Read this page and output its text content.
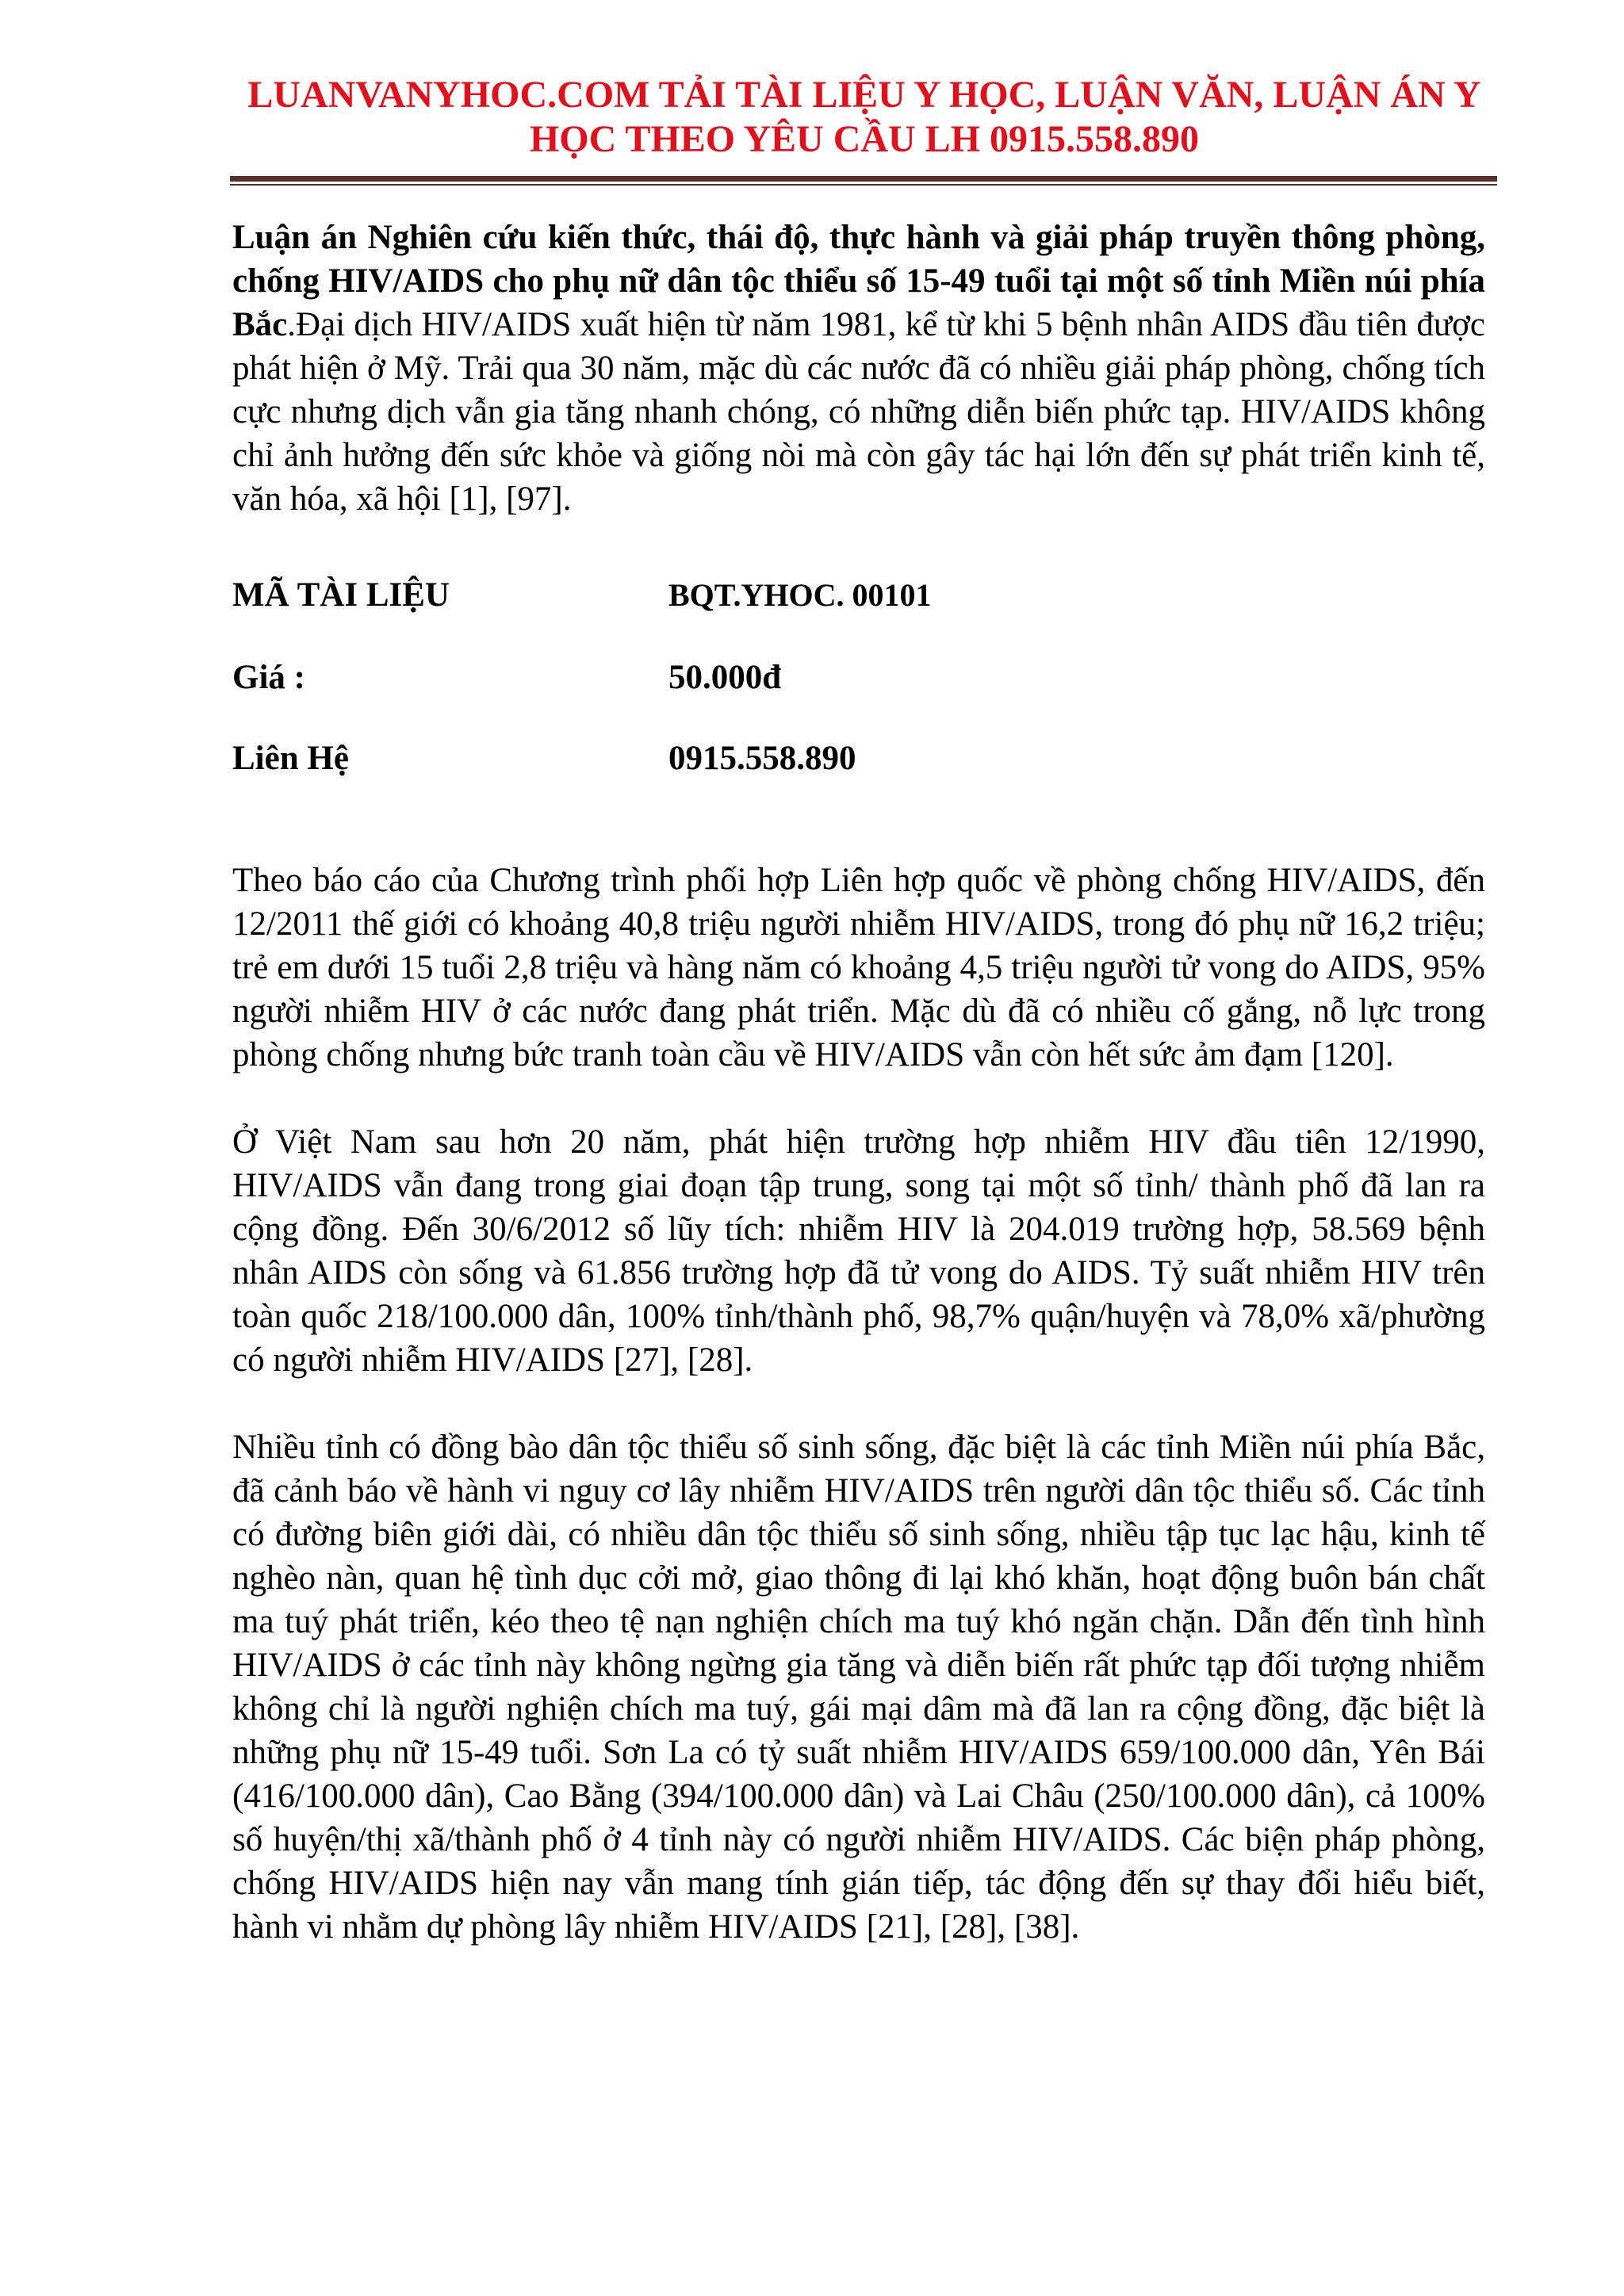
LUANVANYHOC.COM TẢI TÀI LIỆU Y HỌC, LUẬN VĂN, LUẬN ÁN Y
HỌC THEO YÊU CẦU LH 0915.558.890

Luận án Nghiên cứu kiến thức, thái độ, thực hành và giải pháp truyền thông phòng, chống HIV/AIDS cho phụ nữ dân tộc thiểu số 15-49 tuổi tại một số tỉnh Miền núi phía Bắc.Đại dịch HIV/AIDS xuất hiện từ năm 1981, kể từ khi 5 bệnh nhân AIDS đầu tiên được phát hiện ở Mỹ. Trải qua 30 năm, mặc dù các nước đã có nhiều giải pháp phòng, chống tích cực nhưng dịch vẫn gia tăng nhanh chóng, có những diễn biến phức tạp. HIV/AIDS không chỉ ảnh hưởng đến sức khỏe và giống nòi mà còn gây tác hại lớn đến sự phát triển kinh tế, văn hóa, xã hội [1], [97].

MÃ TÀI LIỆU	BQT.YHOC. 00101
Giá :	50.000đ
Liên Hệ	0915.558.890

Theo báo cáo của Chương trình phối hợp Liên hợp quốc về phòng chống HIV/AIDS, đến 12/2011 thế giới có khoảng 40,8 triệu người nhiễm HIV/AIDS, trong đó phụ nữ 16,2 triệu; trẻ em dưới 15 tuổi 2,8 triệu và hàng năm có khoảng 4,5 triệu người tử vong do AIDS, 95% người nhiễm HIV ở các nước đang phát triển. Mặc dù đã có nhiều cố gắng, nỗ lực trong phòng chống nhưng bức tranh toàn cầu về HIV/AIDS vẫn còn hết sức ảm đạm [120].

Ở Việt Nam sau hơn 20 năm, phát hiện trường hợp nhiễm HIV đầu tiên 12/1990, HIV/AIDS vẫn đang trong giai đoạn tập trung, song tại một số tỉnh/ thành phố đã lan ra cộng đồng. Đến 30/6/2012 số lũy tích: nhiễm HIV là 204.019 trường hợp, 58.569 bệnh nhân AIDS còn sống và 61.856 trường hợp đã tử vong do AIDS. Tỷ suất nhiễm HIV trên toàn quốc 218/100.000 dân, 100% tỉnh/thành phố, 98,7% quận/huyện và 78,0% xã/phường có người nhiễm HIV/AIDS [27], [28].

Nhiều tỉnh có đồng bào dân tộc thiểu số sinh sống, đặc biệt là các tỉnh Miền núi phía Bắc, đã cảnh báo về hành vi nguy cơ lây nhiễm HIV/AIDS trên người dân tộc thiểu số. Các tỉnh có đường biên giới dài, có nhiều dân tộc thiểu số sinh sống, nhiều tập tục lạc hậu, kinh tế nghèo nàn, quan hệ tình dục cởi mở, giao thông đi lại khó khăn, hoạt động buôn bán chất ma tuý phát triển, kéo theo tệ nạn nghiện chích ma tuý khó ngăn chặn. Dẫn đến tình hình HIV/AIDS ở các tỉnh này không ngừng gia tăng và diễn biến rất phức tạp đối tượng nhiễm không chỉ là người nghiện chích ma tuý, gái mại dâm mà đã lan ra cộng đồng, đặc biệt là những phụ nữ 15-49 tuổi. Sơn La có tỷ suất nhiễm HIV/AIDS 659/100.000 dân, Yên Bái (416/100.000 dân), Cao Bằng (394/100.000 dân) và Lai Châu (250/100.000 dân), cả 100% số huyện/thị xã/thành phố ở 4 tỉnh này có người nhiễm HIV/AIDS. Các biện pháp phòng, chống HIV/AIDS hiện nay vẫn mang tính gián tiếp, tác động đến sự thay đổi hiểu biết, hành vi nhằm dự phòng lây nhiễm HIV/AIDS [21], [28], [38].
